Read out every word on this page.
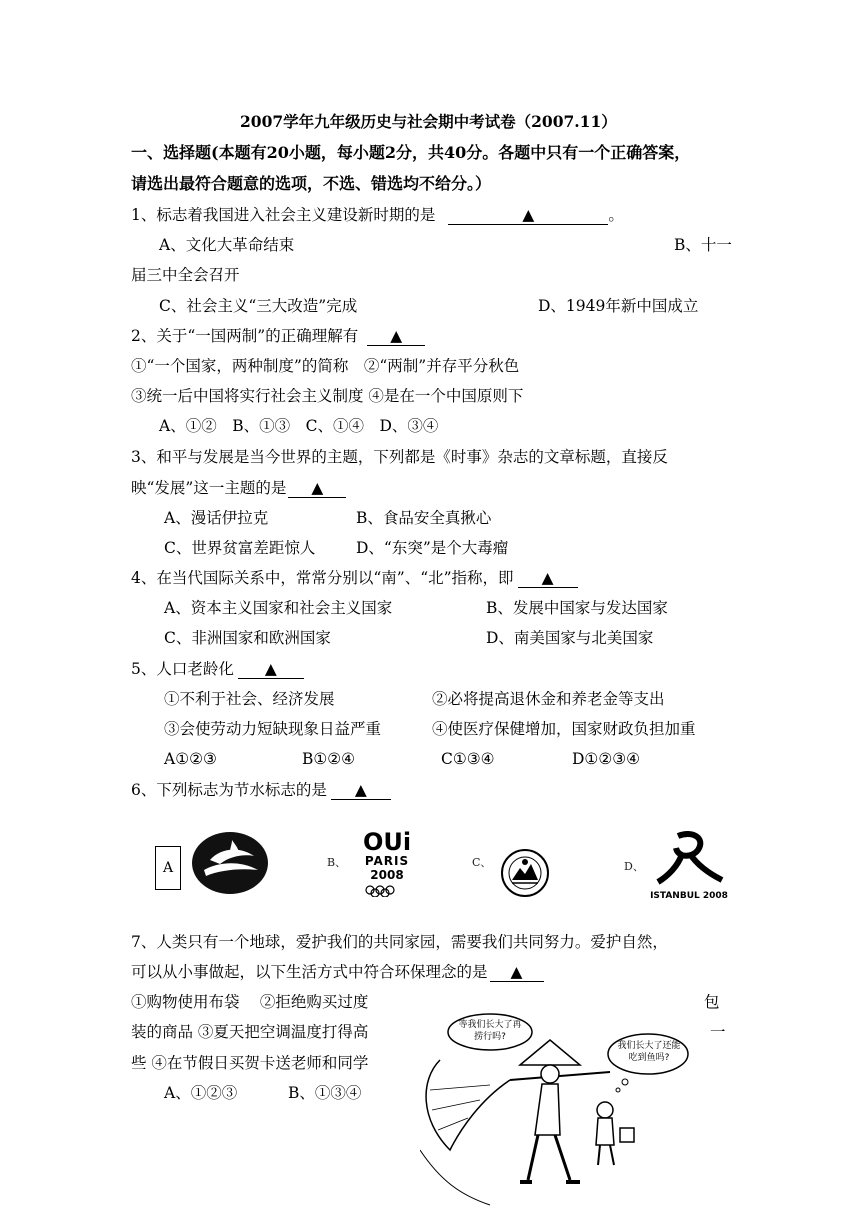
2007学年九年级历史与社会期中考试卷（2007.11）
一、选择题(本题有20小题，每小题2分，共40分。各题中只有一个正确答案，
请选出最符合题意的选项，不选、错选均不给分。）
1、标志着我国进入社会主义建设新时期的是	▲	。
A、文化大革命结束	B、十一
届三中全会召开
C、社会主义“三大改造”完成	D、1949年新中国成立
2、关于“一国两制”的正确理解有 ▲
①“一个国家，两种制度”的简称　②“两制”并存平分秋色
③统一后中国将实行社会主义制度 ④是在一个中国原则下
A、①②　B、①③　C、①④　D、③④
3、和平与发展是当今世界的主题，下列都是《时事》杂志的文章标题，直接反
映“发展”这一主题的是 ▲
A、漫话伊拉克	B、食品安全真揪心
C、世界贫富差距惊人	D、“东突”是个大毒瘤
4、在当代国际关系中，常常分别以“南”、“北”指称，即 ▲
A、资本主义国家和社会主义国家	B、发展中国家与发达国家
C、非洲国家和欧洲国家	D、南美国家与北美国家
5、人口老龄化 ▲
①不利于社会、经济发展	②必将提高退休金和养老金等支出
③会使劳动力短缺现象日益严重	④使医疗保健增加，国家财政负担加重
A①②③	B①②④	C①③④	D①②③④
6、下列标志为节水标志的是 ▲
A	B、
OUi
PARIS
2008
C、	D、
ISTANBUL 2008
7、人类只有一个地球，爱护我们的共同家园，需要我们共同努力。爱护自然，
可以从小事做起，以下生活方式中符合环保理念的是 ▲
①购物使用布袋　 ②拒绝购买过度	包
装的商品 ③夏天把空调温度打得高	一
些 ④在节假日买贺卡送老师和同学
A、①②③	B、①③④
等我们长大了再捞行吗?
我们长大了还能吃到鱼吗?
